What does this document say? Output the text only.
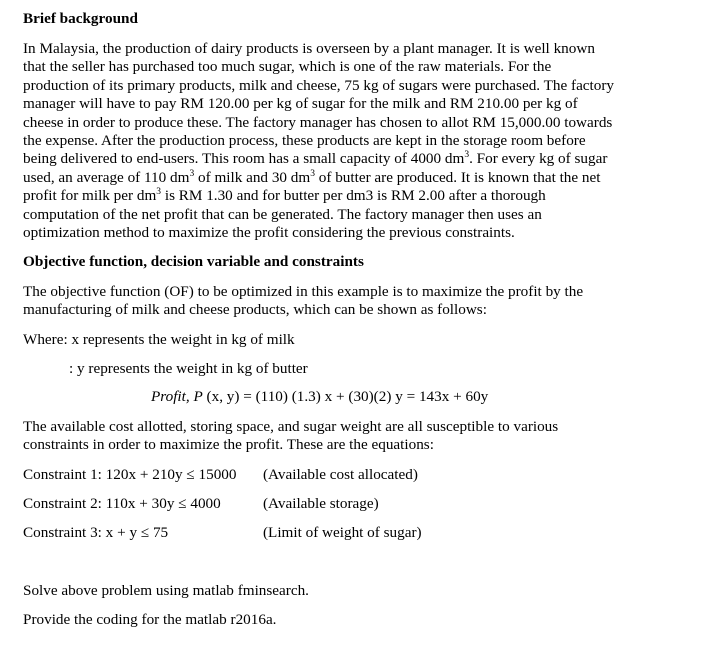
Brief background
In Malaysia, the production of dairy products is overseen by a plant manager. It is well known
that the seller has purchased too much sugar, which is one of the raw materials. For the
production of its primary products, milk and cheese, 75 kg of sugars were purchased. The factory
manager will have to pay RM 120.00 per kg of sugar for the milk and RM 210.00 per kg of
cheese in order to produce these. The factory manager has chosen to allot RM 15,000.00 towards
the expense. After the production process, these products are kept in the storage room before
being delivered to end-users. This room has a small capacity of 4000 $dm^3$. For every kg of sugar
used, an average of 110 $dm^3$ of milk and 30 $dm^3$ of butter are produced. It is known that the net
profit for milk per $dm^3$ is RM 1.30 and for butter per dm3 is RM 2.00 after a thorough
computation of the net profit that can be generated. The factory manager then uses an
optimization method to maximize the profit considering the previous constraints.
Objective function, decision variable and constraints
The objective function (OF) to be optimized in this example is to maximize the profit by the
manufacturing of milk and cheese products, which can be shown as follows:
Where: x represents the weight in kg of milk
: y represents the weight in kg of butter
Profit, P (x, y) = (110) (1.3) x + (30)(2) y = 143x + 60y
The available cost allotted, storing space, and sugar weight are all susceptible to various
constraints in order to maximize the profit. These are the equations:
Constraint 1: 120x + 210y ≤ 15000 (Available cost allocated)
Constraint 2: 110x + 30y ≤ 4000	(Available storage)
Constraint 3: x + y ≤ 75	(Limit of weight of sugar)
Solve above problem using matlab fminsearch.
Provide the coding for the matlab r2016a.
